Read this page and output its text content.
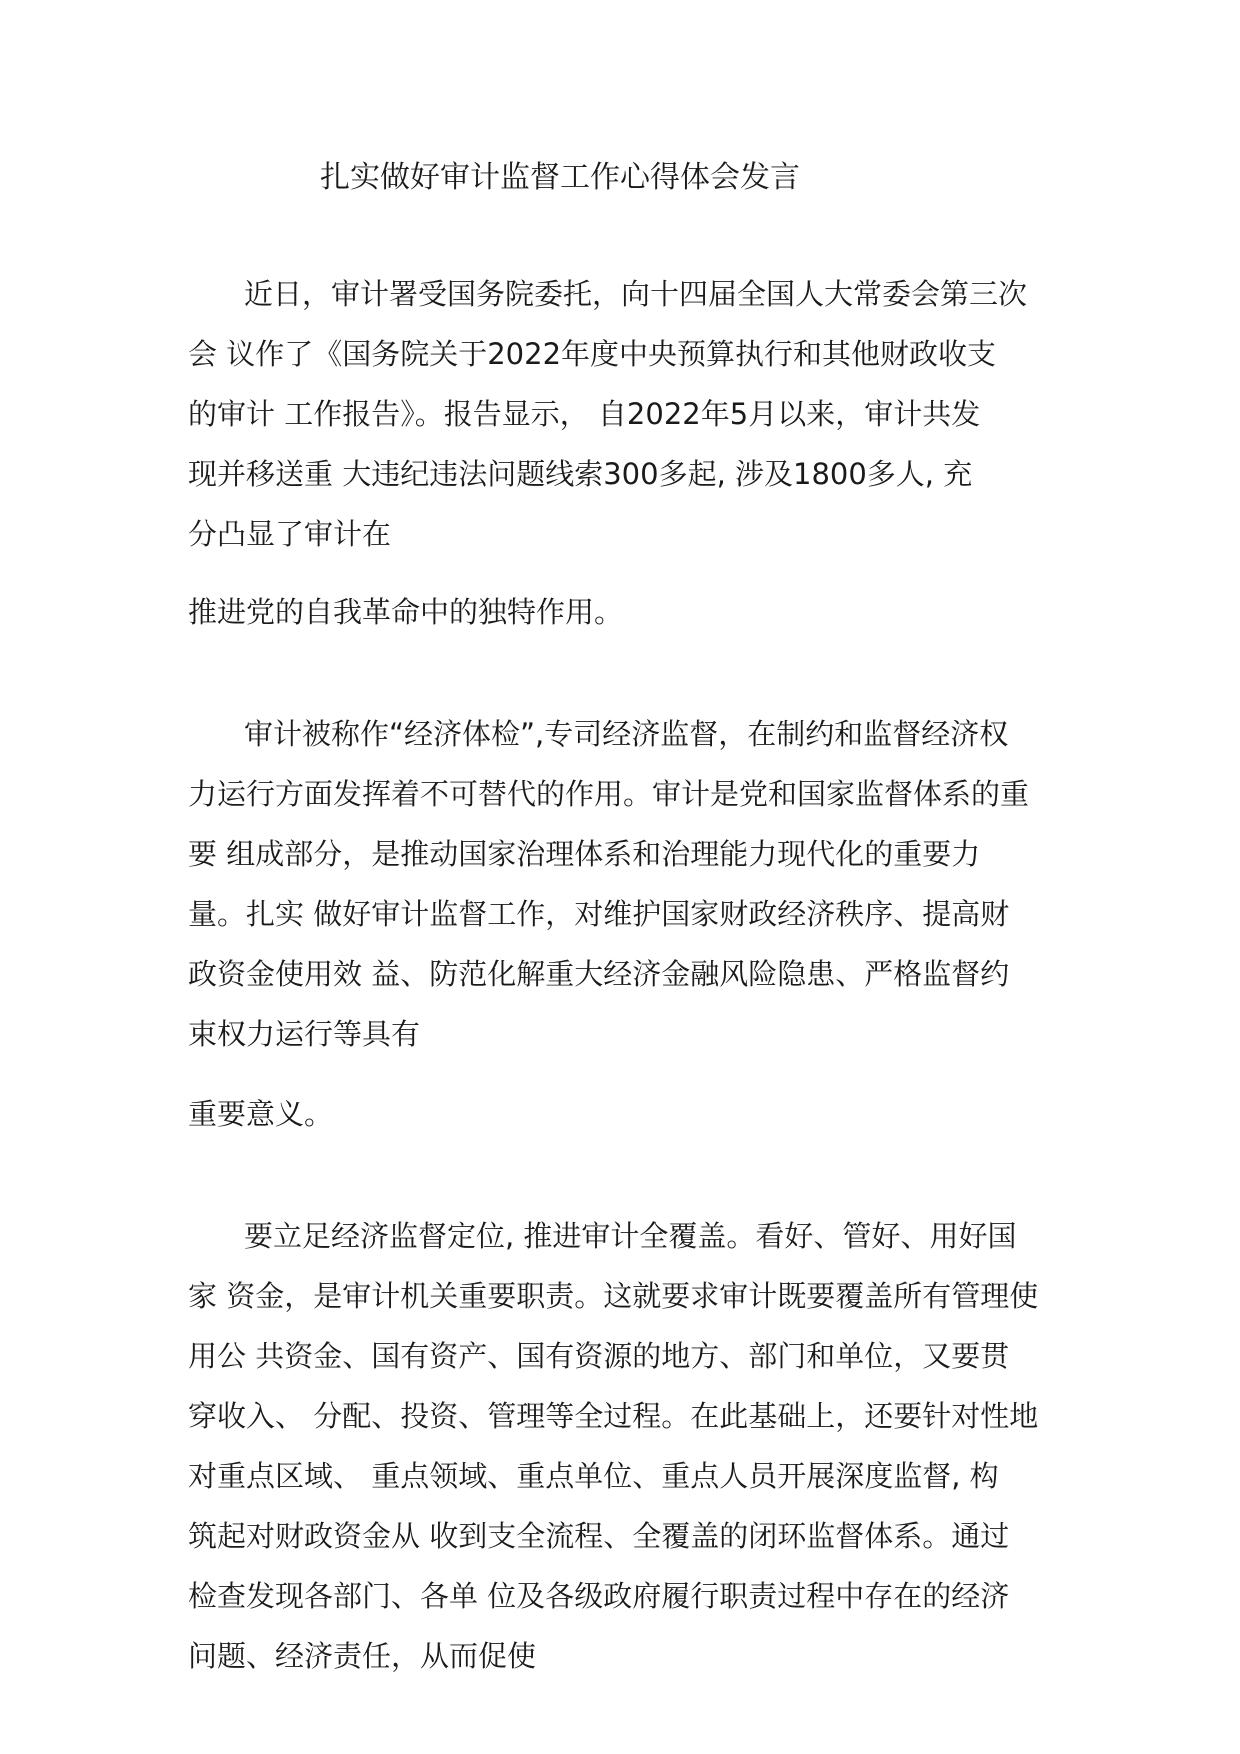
扎实做好审计监督工作心得体会发言
近日，审计署受国务院委托，向十四届全国人大常委会第三次
会 议作了《国务院关于2022年度中央预算执行和其他财政收支
的审计 工作报告》。报告显示， 自2022年5月以来，审计共发
现并移送重 大违纪违法问题线索300多起, 涉及1800多人, 充
分凸显了审计在
推进党的自我革命中的独特作用。
审计被称作“经济体检”,专司经济监督，在制约和监督经济权
力运行方面发挥着不可替代的作用。审计是党和国家监督体系的重
要 组成部分，是推动国家治理体系和治理能力现代化的重要力
量。扎实 做好审计监督工作，对维护国家财政经济秩序、提高财
政资金使用效 益、防范化解重大经济金融风险隐患、严格监督约
束权力运行等具有
重要意义。
要立足经济监督定位, 推进审计全覆盖。看好、管好、用好国
家 资金，是审计机关重要职责。这就要求审计既要覆盖所有管理使
用公 共资金、国有资产、国有资源的地方、部门和单位，又要贯
穿收入、 分配、投资、管理等全过程。在此基础上，还要针对性地
对重点区域、 重点领域、重点单位、重点人员开展深度监督, 构
筑起对财政资金从 收到支全流程、全覆盖的闭环监督体系。通过
检查发现各部门、各单 位及各级政府履行职责过程中存在的经济
问题、经济责任，从而促使
